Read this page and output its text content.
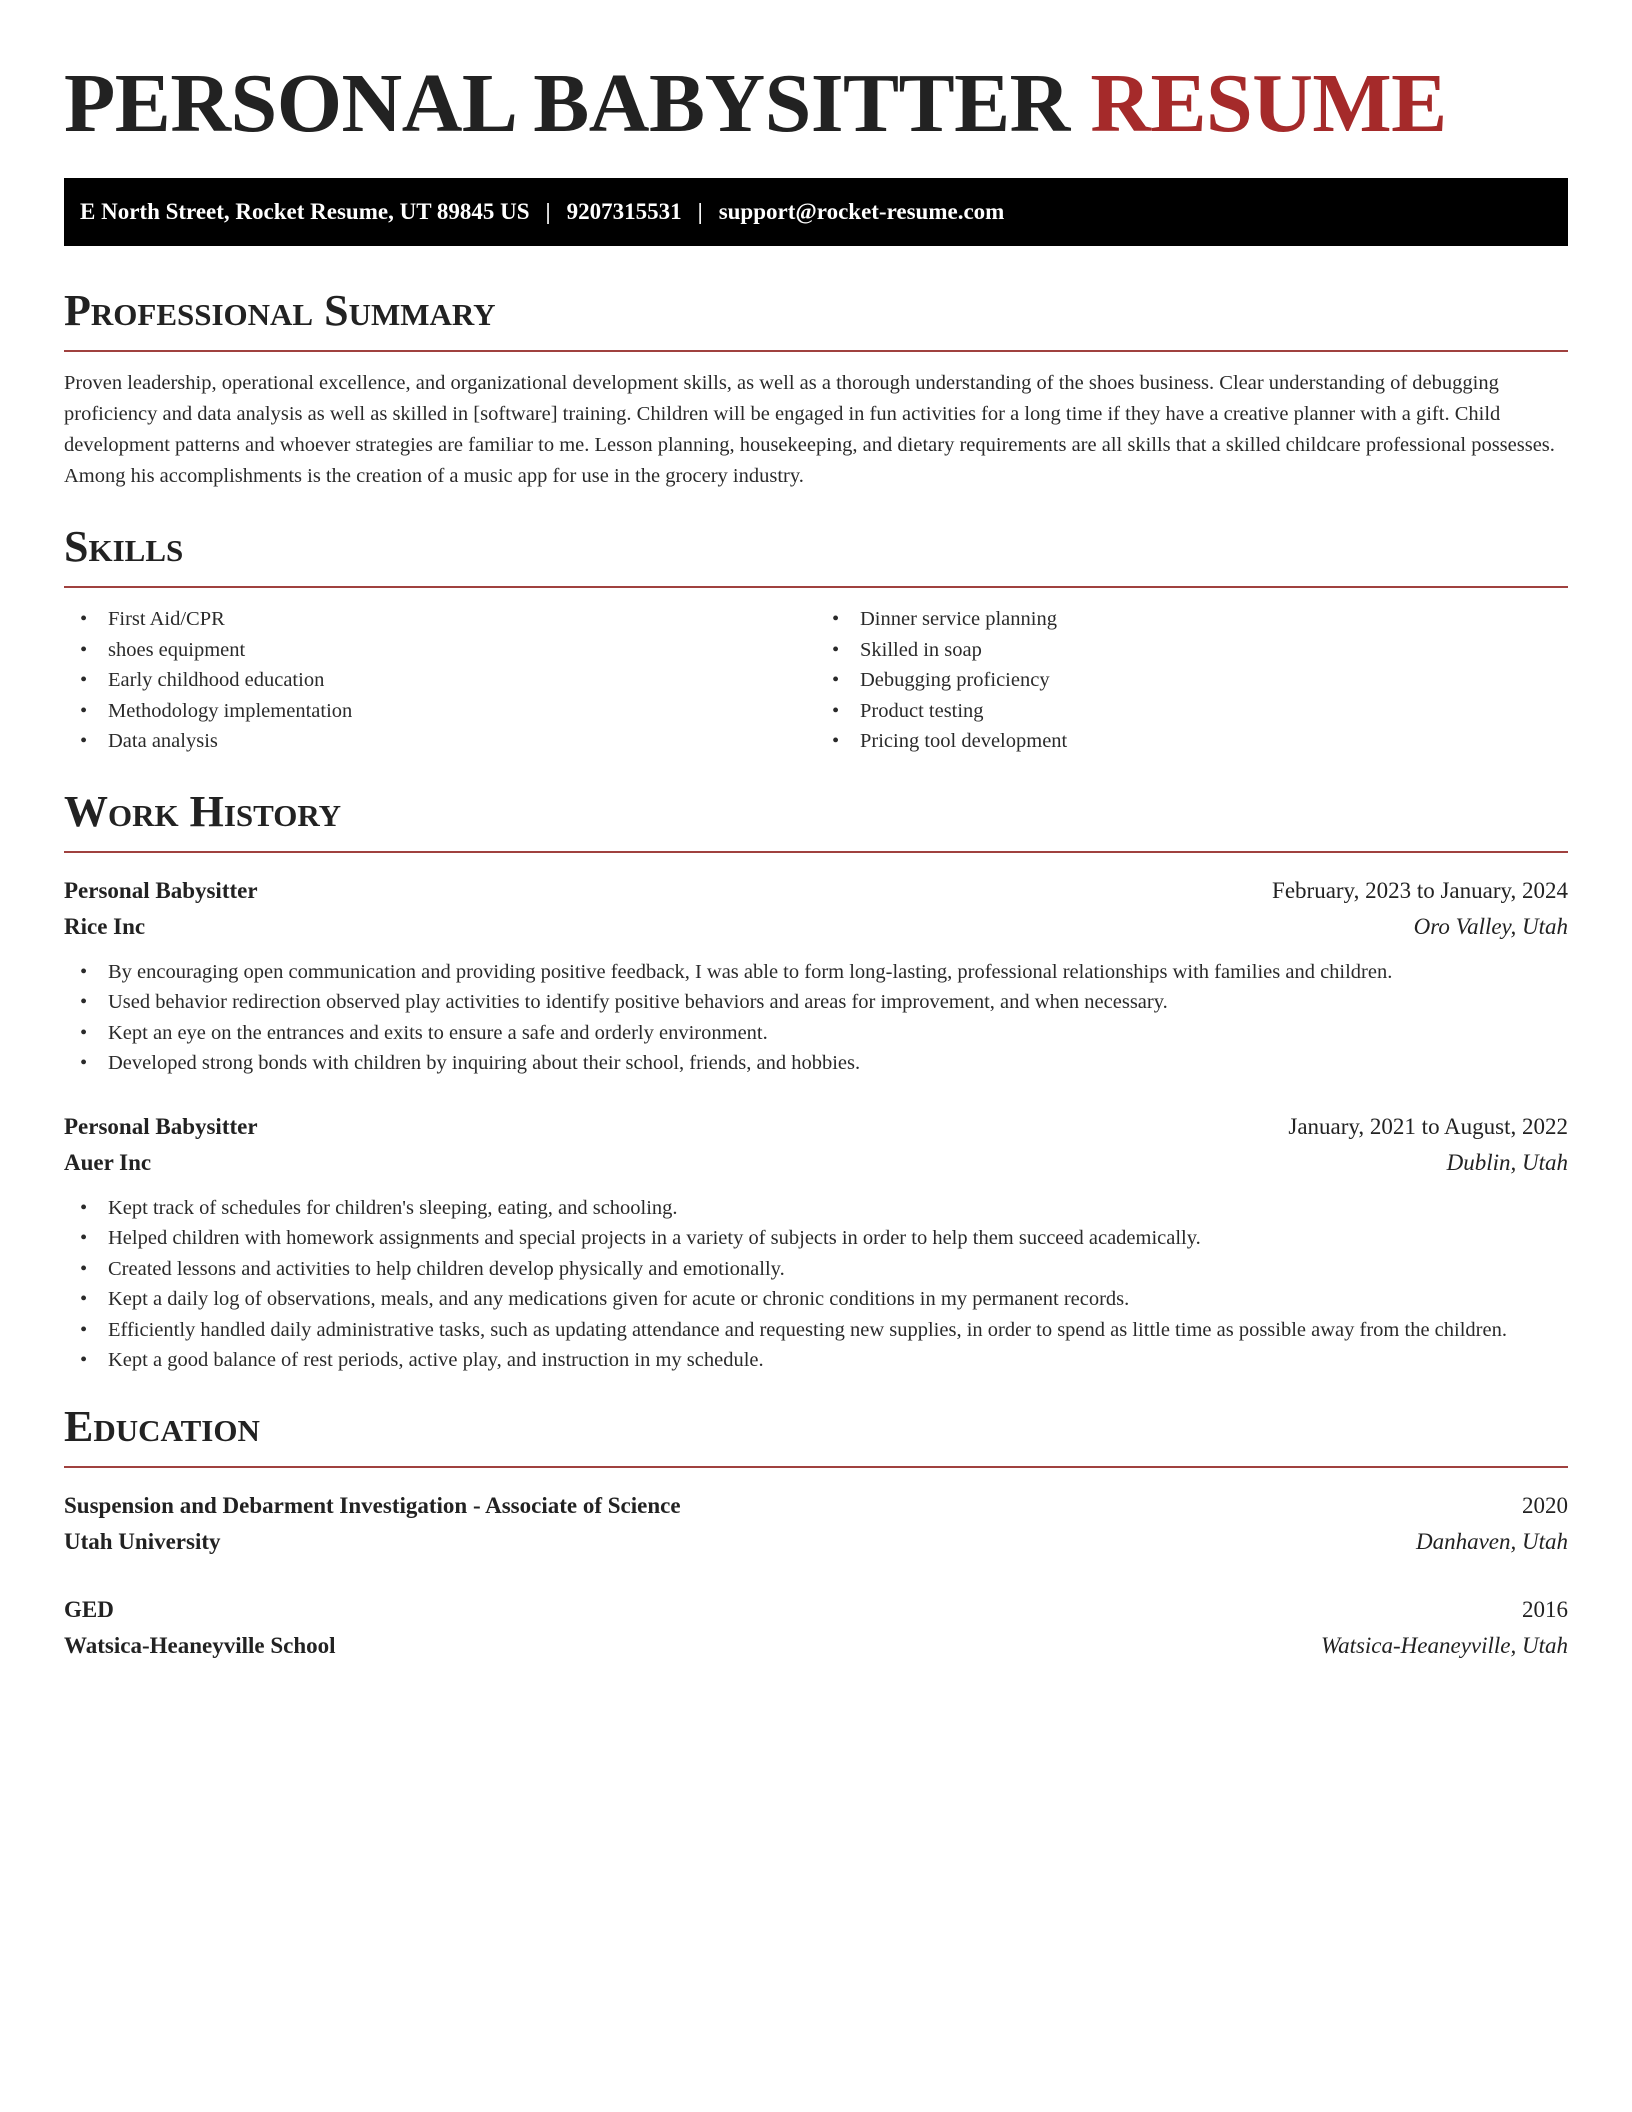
PERSONAL BABYSITTER RESUME
E North Street, Rocket Resume, UT 89845 US | 9207315531 | support@rocket-resume.com
Professional Summary

Proven leadership, operational excellence, and organizational development skills, as well as a thorough understanding of the shoes business. Clear understanding of debugging proficiency and data analysis as well as skilled in [software] training. Children will be engaged in fun activities for a long time if they have a creative planner with a gift. Child development patterns and whoever strategies are familiar to me. Lesson planning, housekeeping, and dietary requirements are all skills that a skilled childcare professional possesses. Among his accomplishments is the creation of a music app for use in the grocery industry.

Skills
• First Aid/CPR
• shoes equipment
• Early childhood education
• Methodology implementation
• Data analysis
• Dinner service planning
• Skilled in soap
• Debugging proficiency
• Product testing
• Pricing tool development
Work History
Personal Babysitter	February, 2023 to January, 2024
Rice Inc	Oro Valley, Utah
• By encouraging open communication and providing positive feedback, I was able to form long-lasting, professional relationships with families and children.
• Used behavior redirection observed play activities to identify positive behaviors and areas for improvement, and when necessary.
• Kept an eye on the entrances and exits to ensure a safe and orderly environment.
• Developed strong bonds with children by inquiring about their school, friends, and hobbies.
Personal Babysitter	January, 2021 to August, 2022
Auer Inc	Dublin, Utah
• Kept track of schedules for children's sleeping, eating, and schooling.
• Helped children with homework assignments and special projects in a variety of subjects in order to help them succeed academically.
• Created lessons and activities to help children develop physically and emotionally.
• Kept a daily log of observations, meals, and any medications given for acute or chronic conditions in my permanent records.
• Efficiently handled daily administrative tasks, such as updating attendance and requesting new supplies, in order to spend as little time as possible away from the children.
• Kept a good balance of rest periods, active play, and instruction in my schedule.
Education
Suspension and Debarment Investigation - Associate of Science	2020
Utah University	Danhaven, Utah
GED	2016
Watsica-Heaneyville School	Watsica-Heaneyville, Utah
